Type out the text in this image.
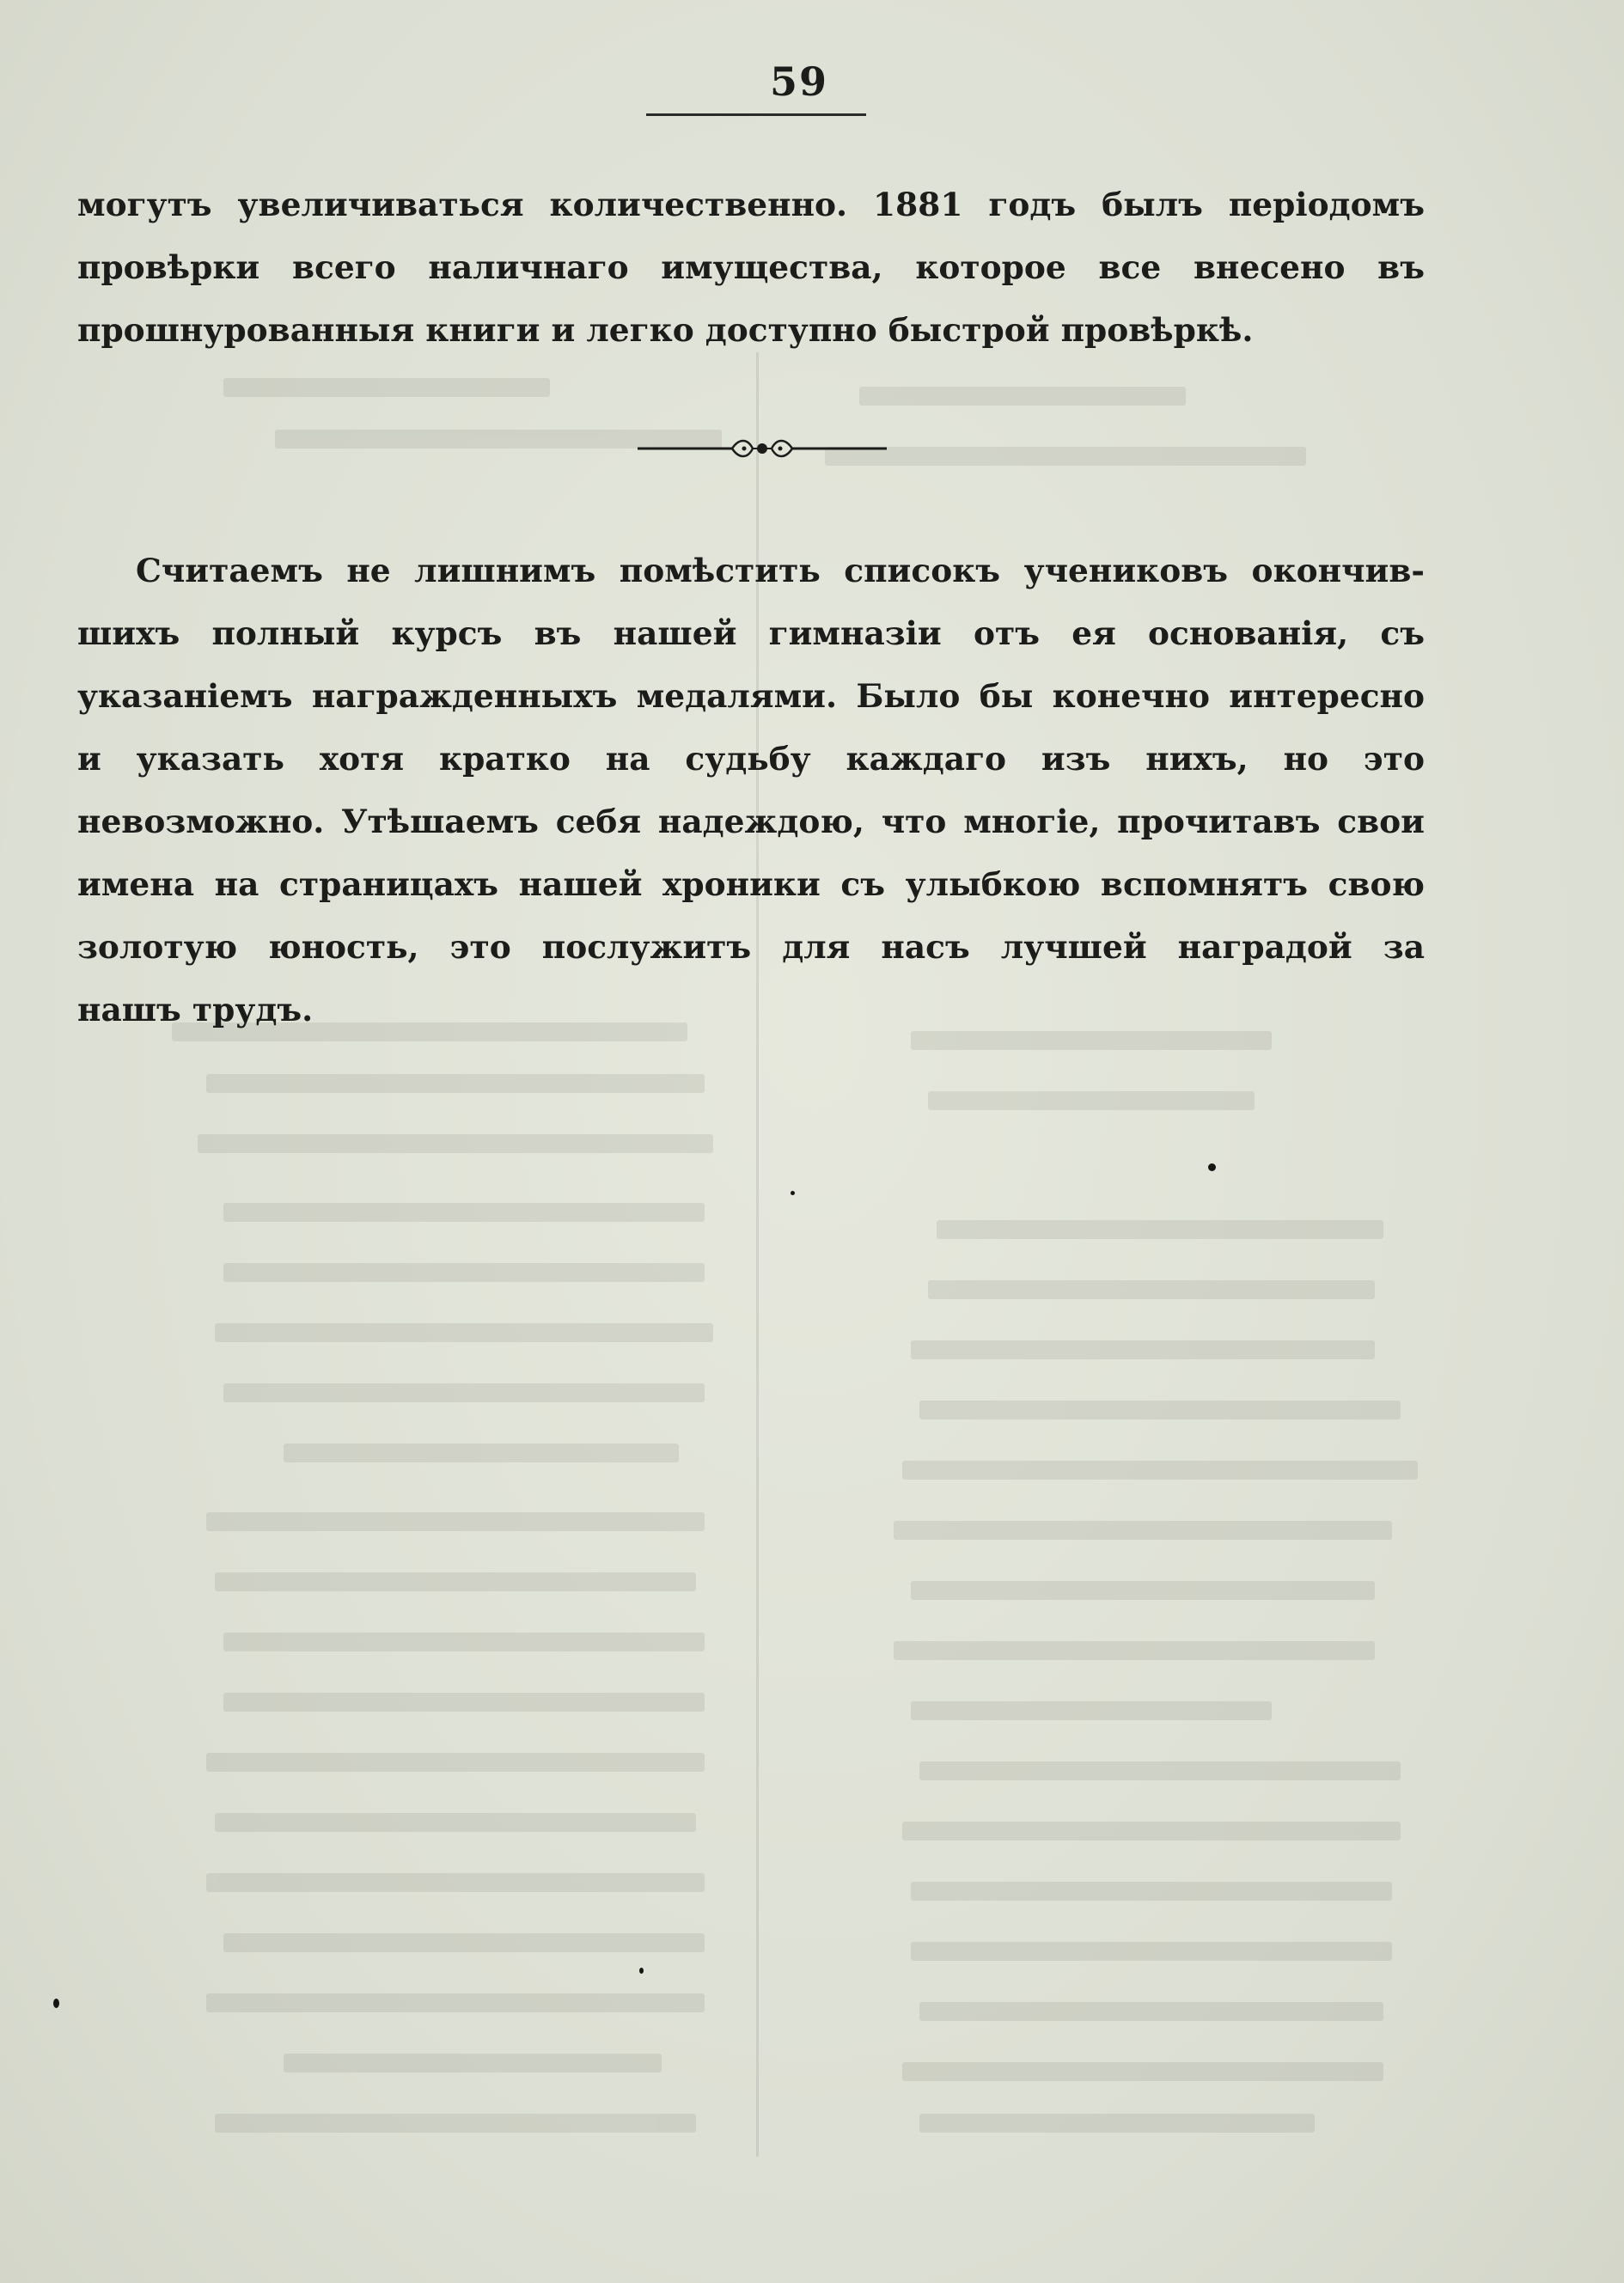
59
могутъ увеличиваться количественно. 1881 годъ былъ періодомъ
провѣрки всего наличнаго имущества, которое все внесено въ
прошнурованныя книги и легко доступно быстрой провѣркѣ.
Считаемъ не лишнимъ помѣстить списокъ учениковъ окончив-
шихъ полный курсъ въ нашей гимназіи отъ ея основанія, съ
указаніемъ награжденныхъ медалями. Было бы конечно интересно
и указать хотя кратко на судьбу каждаго изъ нихъ, но это
невозможно. Утѣшаемъ себя надеждою, что многіе, прочитавъ свои
имена на страницахъ нашей хроники съ улыбкою вспомнятъ свою
золотую юность, это послужитъ для насъ лучшей наградой за
нашъ трудъ.
